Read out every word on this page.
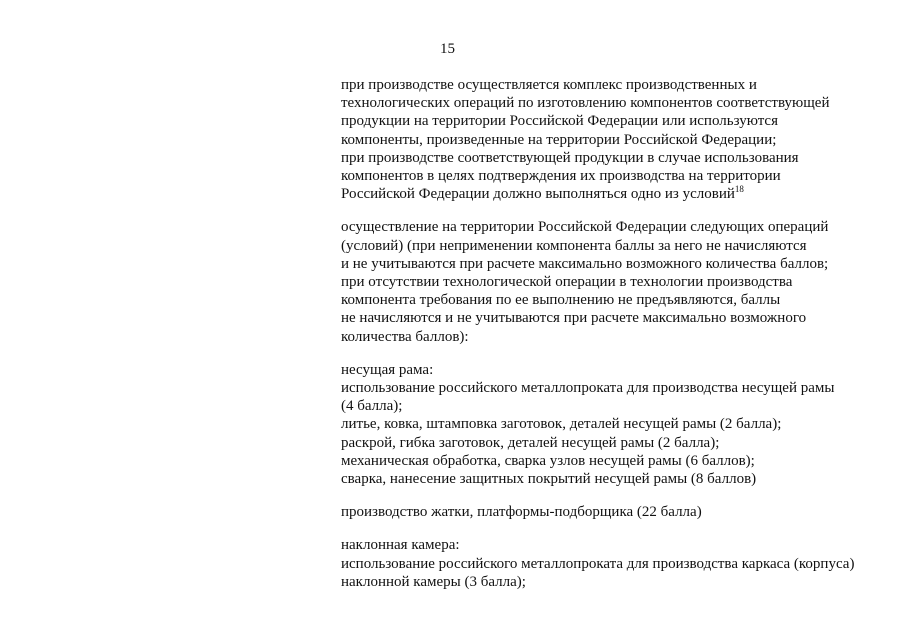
15

при производстве осуществляется комплекс производственных и
технологических операций по изготовлению компонентов соответствующей
продукции на территории Российской Федерации или используются
компоненты, произведенные на территории Российской Федерации;
при производстве соответствующей продукции в случае использования
компонентов в целях подтверждения их производства на территории
Российской Федерации должно выполняться одно из условий$^{18}$

осуществление на территории Российской Федерации следующих операций
(условий) (при неприменении компонента баллы за него не начисляются
и не учитываются при расчете максимально возможного количества баллов;
при отсутствии технологической операции в технологии производства
компонента требования по ее выполнению не предъявляются, баллы
не начисляются и не учитываются при расчете максимально возможного
количества баллов):

несущая рама:
использование российского металлопроката для производства несущей рамы
(4 балла);
литье, ковка, штамповка заготовок, деталей несущей рамы (2 балла);
раскрой, гибка заготовок, деталей несущей рамы (2 балла);
механическая обработка, сварка узлов несущей рамы (6 баллов);
сварка, нанесение защитных покрытий несущей рамы (8 баллов)

производство жатки, платформы-подборщика (22 балла)

наклонная камера:
использование российского металлопроката для производства каркаса (корпуса)
наклонной камеры (3 балла);
